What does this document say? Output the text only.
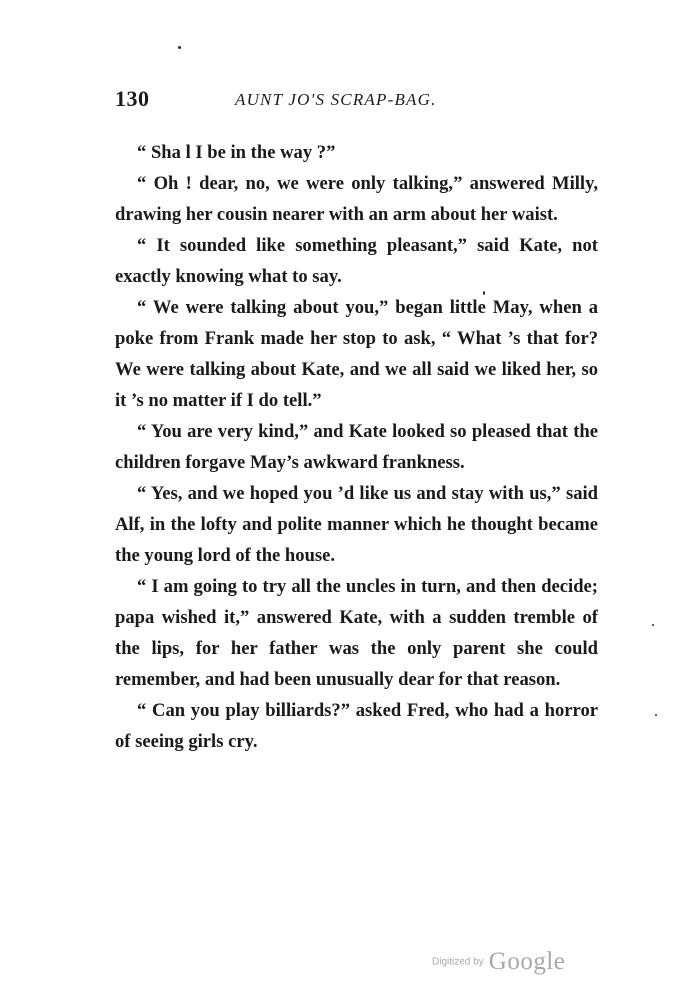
130	AUNT JO'S SCRAP-BAG.

“ Sha l I be in the way ?”

“ Oh ! dear, no, we were only talking,” answered Milly, drawing her cousin nearer with an arm about her waist.

“ It sounded like something pleasant,” said Kate, not exactly knowing what to say.

“ We were talking about you,” began little May, when a poke from Frank made her stop to ask, “ What ’s that for? We were talking about Kate, and we all said we liked her, so it ’s no matter if I do tell.”

“ You are very kind,” and Kate looked so pleased that the children forgave May’s awkward frankness.

“ Yes, and we hoped you ’d like us and stay with us,” said Alf, in the lofty and polite manner which he thought became the young lord of the house.

“ I am going to try all the uncles in turn, and then decide; papa wished it,” answered Kate, with a sudden tremble of the lips, for her father was the only parent she could remember, and had been unusually dear for that reason.

“ Can you play billiards?” asked Fred, who had a horror of seeing girls cry.

Digitized by Google
